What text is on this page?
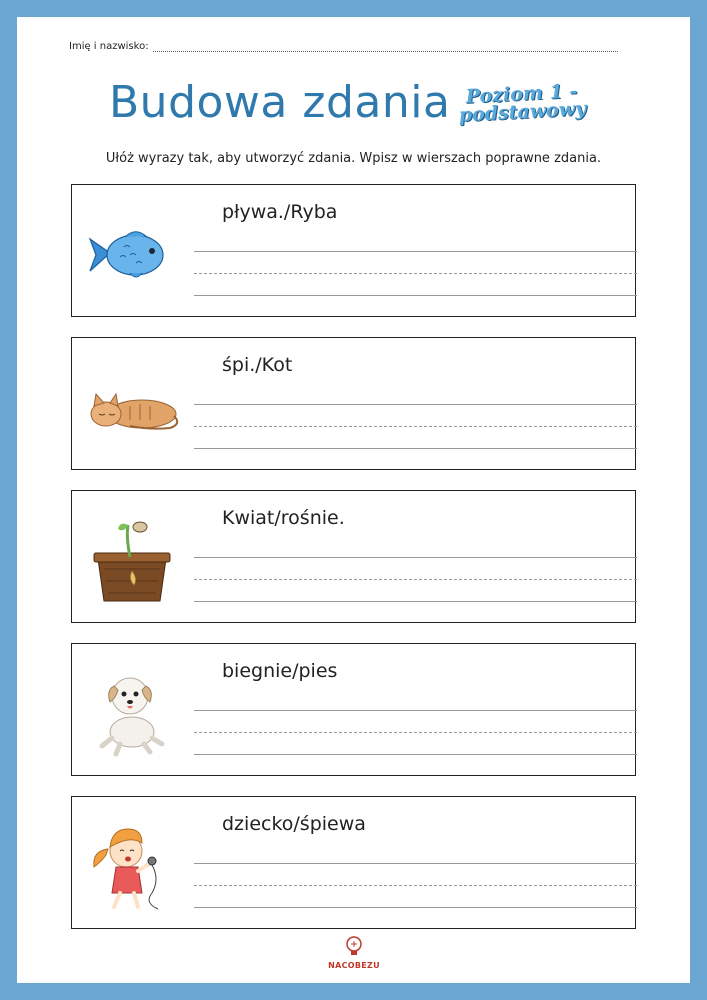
Imię i nazwisko:
Budowa zdania Poziom 1 - podstawowy
Ułóż wyrazy tak, aby utworzyć zdania. Wpisz w wierszach poprawne zdania.
pływa./Ryba
śpi./Kot
Kwiat/rośnie.
biegnie/pies
dziecko/śpiewa
NACOBEZU
